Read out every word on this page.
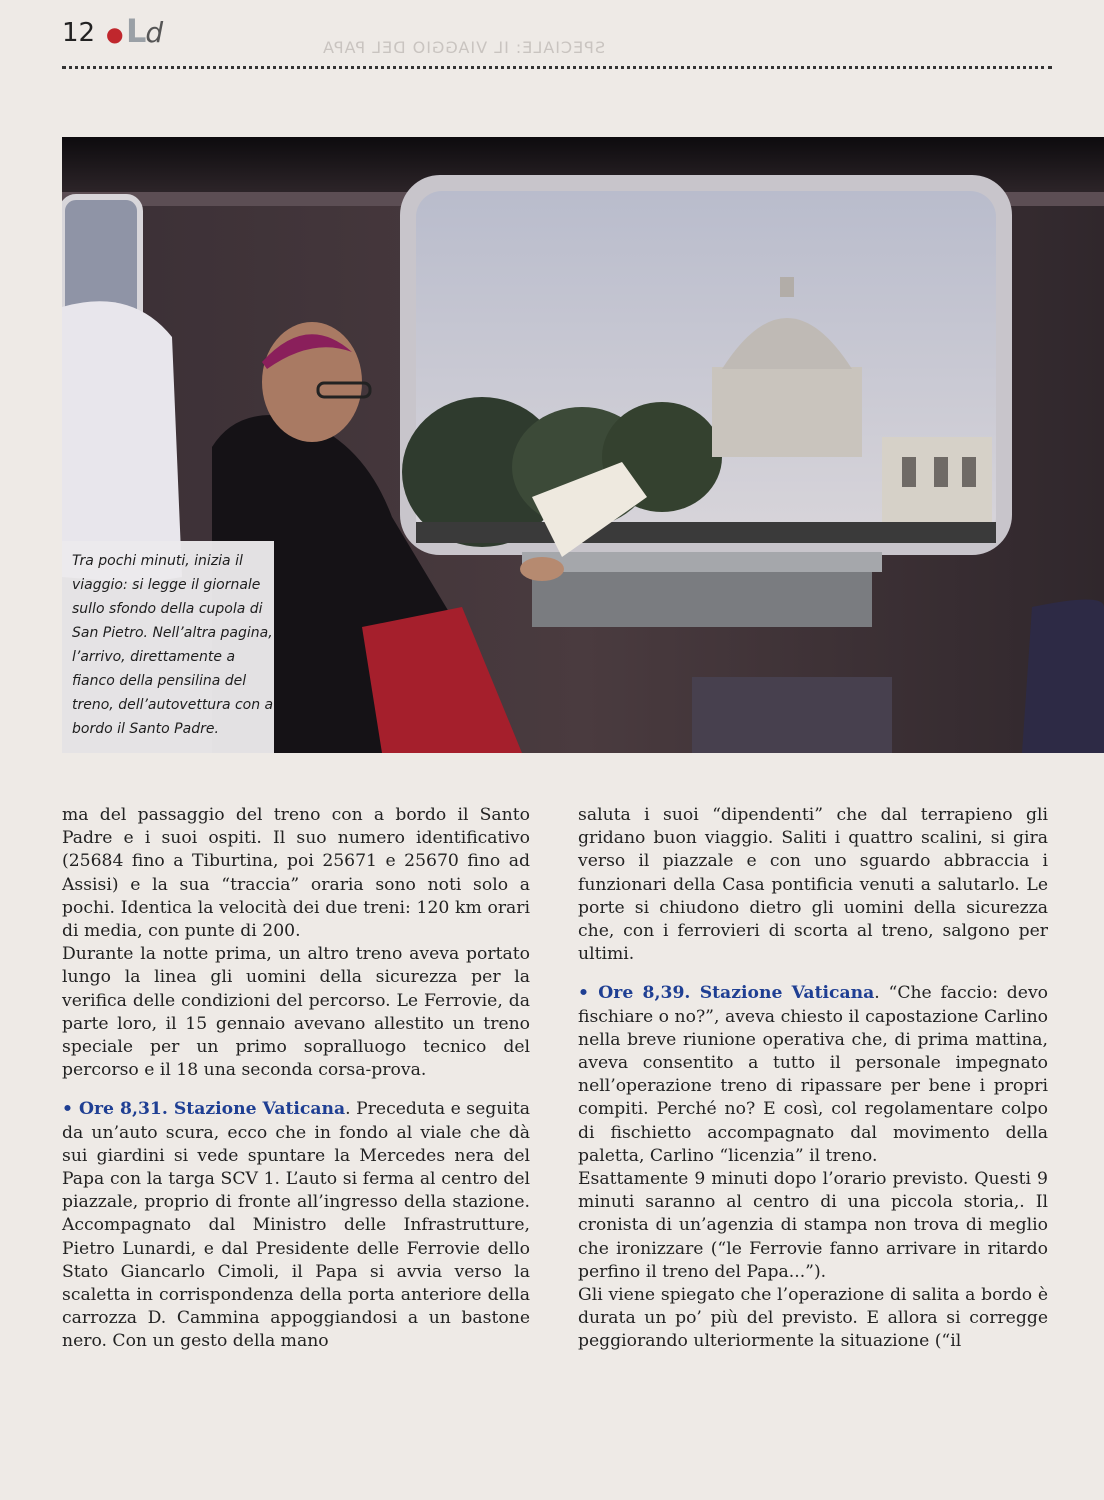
12 ● Ld	SPECIALE: IL VIAGGIO DEL PAPA

Tra pochi minuti, inizia il viaggio: si legge il giornale sullo sfondo della cupola di San Pietro. Nell’altra pagina, l’arrivo, direttamente a fianco della pensilina del treno, dell’autovettura con a bordo il Santo Padre.

ma del passaggio del treno con a bordo il Santo Padre e i suoi ospiti. Il suo numero identificativo (25684 fino a Tiburtina, poi 25671 e 25670 fino ad Assisi) e la sua “traccia” oraria sono noti solo a pochi. Identica la velocità dei due treni: 120 km orari di media, con punte di 200.

Durante la notte prima, un altro treno aveva portato lungo la linea gli uomini della sicurezza per la verifica delle condizioni del percorso. Le Ferrovie, da parte loro, il 15 gennaio avevano allestito un treno speciale per un primo sopralluogo tecnico del percorso e il 18 una seconda corsa-prova.

• Ore 8,31. Stazione Vaticana. Preceduta e seguita da un’auto scura, ecco che in fondo al viale che dà sui giardini si vede spuntare la Mercedes nera del Papa con la targa SCV 1. L’auto si ferma al centro del piazzale, proprio di fronte all’ingresso della stazione. Accompagnato dal Ministro delle Infrastrutture, Pietro Lunardi, e dal Presidente delle Ferrovie dello Stato Giancarlo Cimoli, il Papa si avvia verso la scaletta in corrispondenza della porta anteriore della carrozza D. Cammina appoggiandosi a un bastone nero. Con un gesto della mano

saluta i suoi “dipendenti” che dal terrapieno gli gridano buon viaggio. Saliti i quattro scalini, si gira verso il piazzale e con uno sguardo abbraccia i funzionari della Casa pontificia venuti a salutarlo. Le porte si chiudono dietro gli uomini della sicurezza che, con i ferrovieri di scorta al treno, salgono per ultimi.

• Ore 8,39. Stazione Vaticana. “Che faccio: devo fischiare o no?”, aveva chiesto il capostazione Carlino nella breve riunione operativa che, di prima mattina, aveva consentito a tutto il personale impegnato nell’operazione treno di ripassare per bene i propri compiti. Perché no? E così, col regolamentare colpo di fischietto accompagnato dal movimento della paletta, Carlino “licenzia” il treno.

Esattamente 9 minuti dopo l’orario previsto. Questi 9 minuti saranno al centro di una piccola storia,. Il cronista di un’agenzia di stampa non trova di meglio che ironizzare (“le Ferrovie fanno arrivare in ritardo perfino il treno del Papa...”).

Gli viene spiegato che l’operazione di salita a bordo è durata un po’ più del previsto. E allora si corregge peggiorando ulteriormente la situazione (“il
